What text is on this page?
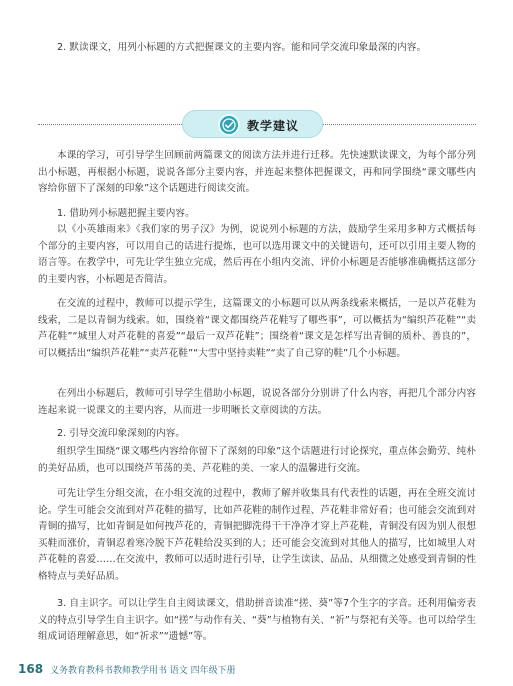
2. 默读课文，用列小标题的方式把握课文的主要内容。能和同学交流印象最深的内容。

教学建议

本课的学习，可引导学生回顾前两篇课文的阅读方法并进行迁移。先快速默读课文，为每个部分列出小标题，再根据小标题，说说各部分主要内容，并连起来整体把握课文，再和同学围绕“课文哪些内容给你留下了深刻的印象”这个话题进行阅读交流。

1. 借助列小标题把握主要内容。

以《小英雄雨来》《我们家的男子汉》为例，说说列小标题的方法，鼓励学生采用多种方式概括每个部分的主要内容，可以用自己的话进行提炼，也可以选用课文中的关键语句，还可以引用主要人物的语言等。在教学中，可先让学生独立完成，然后再在小组内交流、评价小标题是否能够准确概括这部分的主要内容，小标题是否简洁。

在交流的过程中，教师可以提示学生，这篇课文的小标题可以从两条线索来概括，一是以芦花鞋为线索，二是以青铜为线索。如，围绕着“课文都围绕芦花鞋写了哪些事”，可以概括为“编织芦花鞋”“卖芦花鞋”“城里人对芦花鞋的喜爱”“最后一双芦花鞋”；围绕着“课文是怎样写出青铜的质朴、善良的”，可以概括出“编织芦花鞋”“卖芦花鞋”“大雪中坚持卖鞋”“卖了自己穿的鞋”几个小标题。

在列出小标题后，教师可引导学生借助小标题，说说各部分分别讲了什么内容，再把几个部分内容连起来说一说课文的主要内容，从而进一步明晰长文章阅读的方法。

2. 引导交流印象深刻的内容。

组织学生围绕“课文哪些内容给你留下了深刻的印象”这个话题进行讨论探究，重点体会勤劳、纯朴的美好品质，也可以围绕芦苇荡的美、芦花鞋的美、一家人的温馨进行交流。

可先让学生分组交流，在小组交流的过程中，教师了解并收集具有代表性的话题，再在全班交流讨论。学生可能会交流到对芦花鞋的描写，比如芦花鞋的制作过程、芦花鞋非常好看；也可能会交流到对青铜的描写，比如青铜是如何拽芦花的，青铜把脚洗得干干净净才穿上芦花鞋，青铜没有因为别人很想买鞋而涨价，青铜忍着寒冷脱下芦花鞋给没买到的人；还可能会交流到对其他人的描写，比如城里人对芦花鞋的喜爱……在交流中，教师可以适时进行引导，让学生读读、品品、从细微之处感受到青铜的性格特点与美好品质。

3. 自主识字。可以让学生自主阅读课文，借助拼音读准“搓、葵”等7个生字的字音。还利用偏旁表义的特点引导学生自主识字。如“搓”与动作有关、“葵”与植物有关、“祈”与祭祀有关等。也可以给学生组成词语理解意思，如“祈求”“遗憾”等。

168 义务教育教科书教师教学用书 语文 四年级下册
